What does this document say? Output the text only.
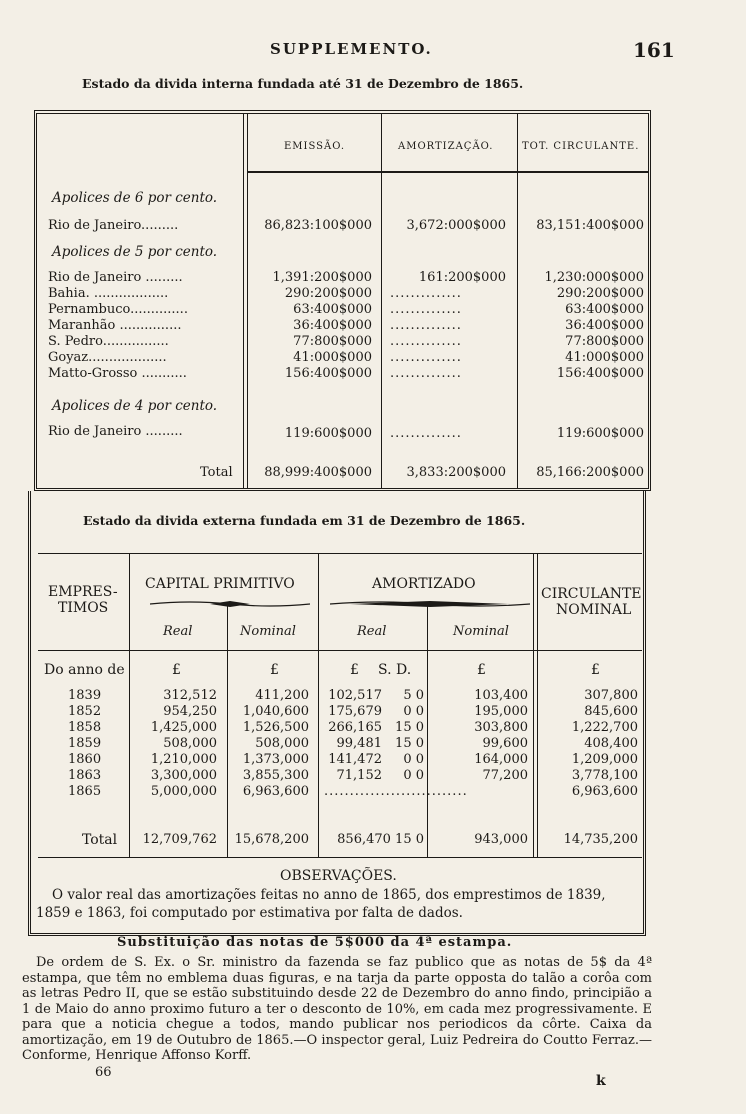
SUPPLEMENTO.	161
Estado da divida interna fundada até 31 de Dezembro de 1865.
EMISSÃO.	AMORTIZAÇÃO.	TOT. CIRCULANTE.
Apolices de 6 por cento.
Rio de Janeiro.........	86,823:100$000	3,672:000$000	83,151:400$000
Apolices de 5 por cento.
Rio de Janeiro .........	1,391:200$000	161:200$000	1,230:000$000
Bahia. ..................	290:200$000 ..............	290:200$000
Pernambuco..............	63:400$000 ..............	63:400$000
Maranhão ...............	36:400$000 ..............	36:400$000
S. Pedro................	77:800$000 ..............	77:800$000
Goyaz...................	41:000$000 ..............	41:000$000
Matto-Grosso ...........	156:400$000 ..............	156:400$000
Apolices de 4 por cento.
Rio de Janeiro .........	119:600$000 ..............	119:600$000
Total	88,999:400$000	3,833:200$000	85,166:200$000
Estado da divida externa fundada em 31 de Dezembro de 1865.
EMPRES-
TIMOS
CAPITAL PRIMITIVO	AMORTIZADO
CIRCULANTE
NOMINAL
Real	Nominal	Real	Nominal
Do anno de	£	£	£ S. D.	£	£
1839	312,512	411,200	102,517	5 0	103,400	307,800
1852	954,250	1,040,600	175,679	0 0	195,000	845,600
1858	1,425,000	1,526,500	266,165	15 0	303,800	1,222,700
1859	508,000	508,000	99,481	15 0	99,600	408,400
1860	1,210,000	1,373,000	141,472	0 0	164,000	1,209,000
1863	3,300,000	3,855,300	71,152	0 0	77,200	3,778,100
1865	5,000,000	6,963,600 ............................	6,963,600
Total	12,709,762	15,678,200	856,470 15 0	943,000	14,735,200
OBSERVAÇÕES.
O valor real das amortizações feitas no anno de 1865, dos emprestimos de 1839,
1859 e 1863, foi computado por estimativa por falta de dados.
Substituição das notas de 5$000 da 4ª estampa.
De ordem de S. Ex. o Sr. ministro da fazenda se faz publico que as notas de 5$ da 4ª estampa, que têm no emblema duas figuras, e na tarja da parte opposta do talão a corôa com as letras Pedro II, que se estão substituindo desde 22 de Dezembro do anno findo, principião a 1 de Maio do anno proximo futuro a ter o desconto de 10%, em cada mez progressivamente. E para que a noticia chegue a todos, mando publicar nos periodicos da côrte. Caixa da amortização, em 19 de Outubro de 1865.—O inspector geral, Luiz Pedreira do Coutto Ferraz.—Conforme, Henrique Affonso Korff.
66
k
